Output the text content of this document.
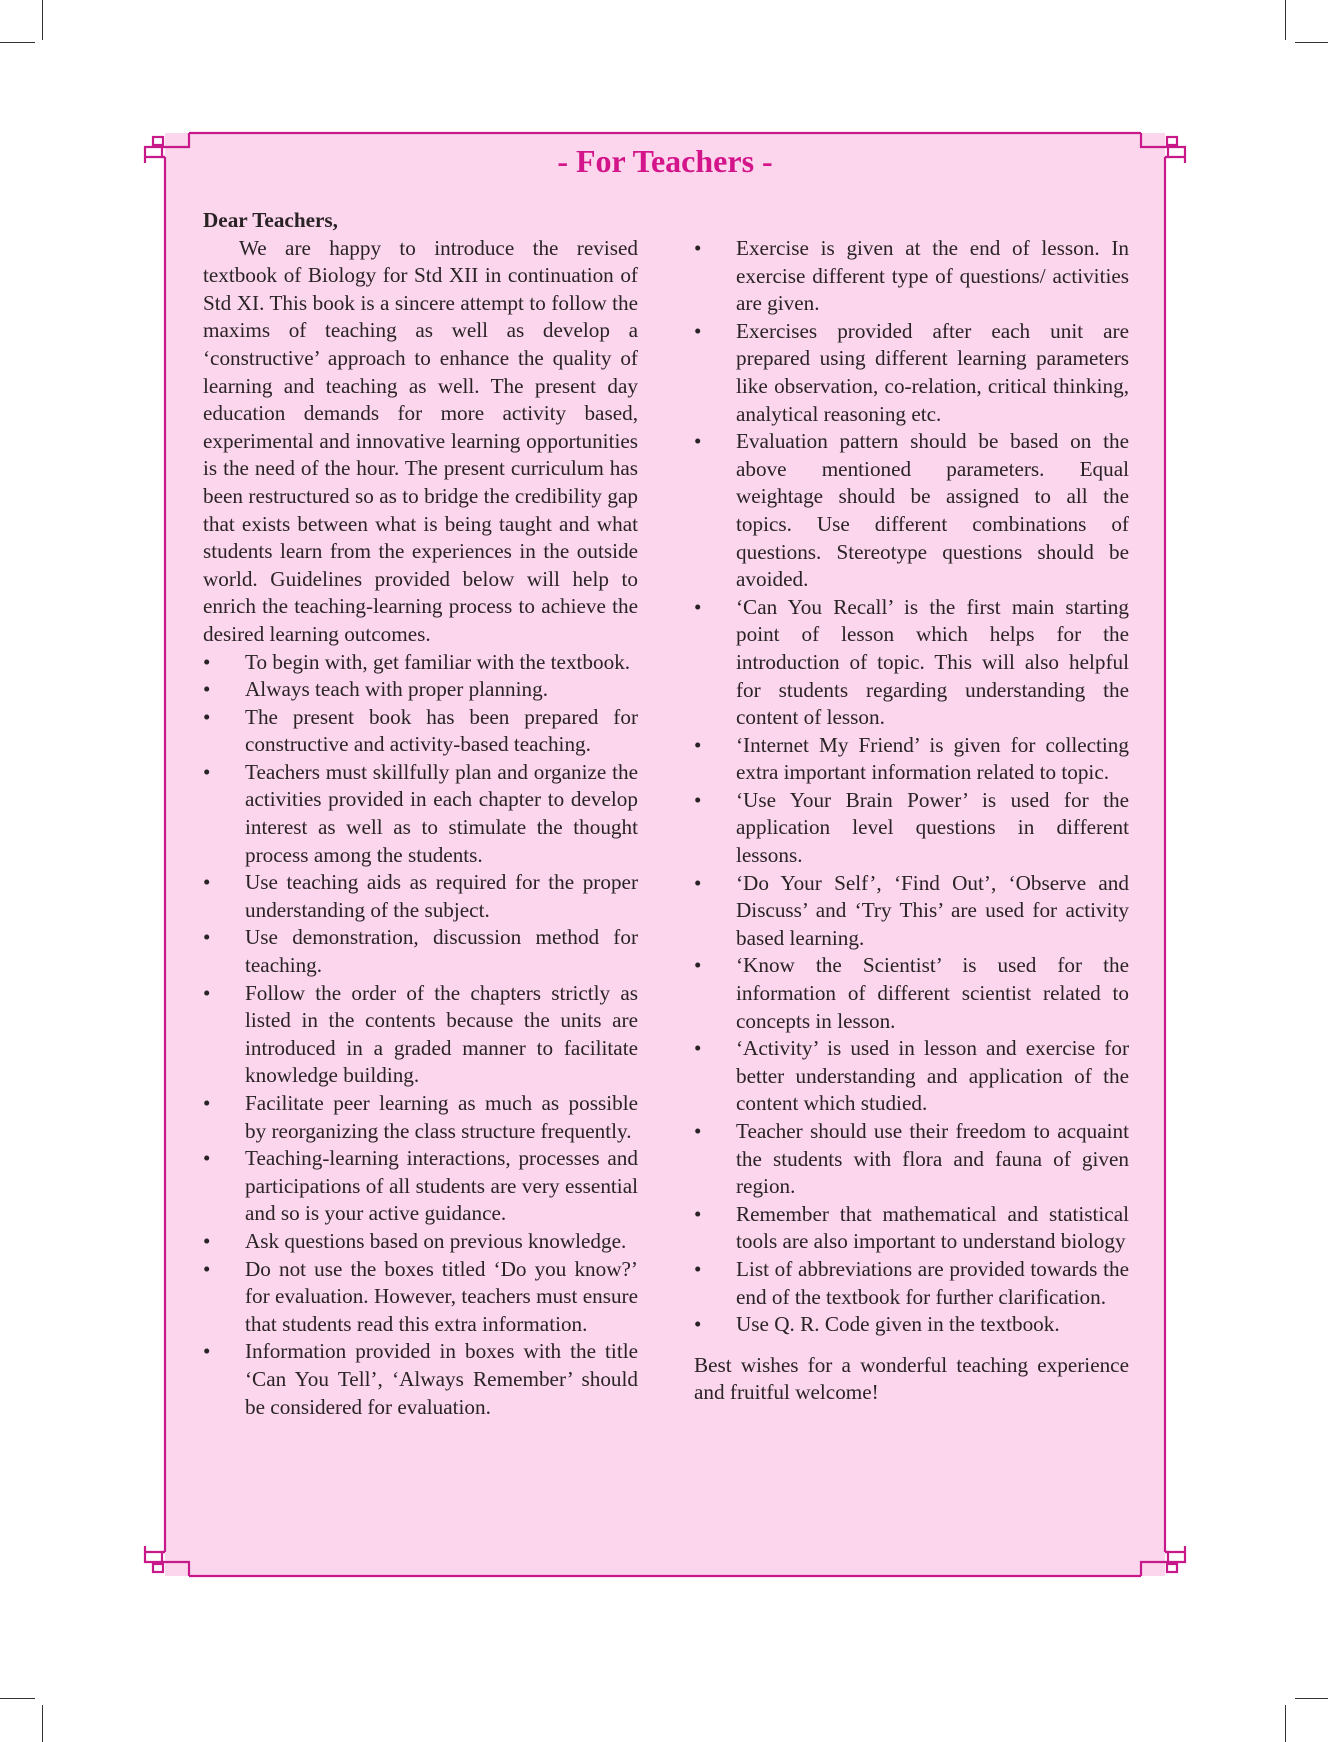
- For Teachers -

Dear Teachers,

We are happy to introduce the revised textbook of Biology for Std XII in continuation of Std XI. This book is a sincere attempt to follow the maxims of teaching as well as develop a ‘constructive’ approach to enhance the quality of learning and teaching as well. The present day education demands for more activity based, experimental and innovative learning opportunities is the need of the hour. The present curriculum has been restructured so as to bridge the credibility gap that exists between what is being taught and what students learn from the experiences in the outside world. Guidelines provided below will help to enrich the teaching-learning process to achieve the desired learning outcomes.

• To begin with, get familiar with the textbook.
• Always teach with proper planning.
• The present book has been prepared for constructive and activity-based teaching.
• Teachers must skillfully plan and organize the activities provided in each chapter to develop interest as well as to stimulate the thought process among the students.
• Use teaching aids as required for the proper understanding of the subject.
• Use demonstration, discussion method for teaching.
• Follow the order of the chapters strictly as listed in the contents because the units are introduced in a graded manner to facilitate knowledge building.
• Facilitate peer learning as much as possible by reorganizing the class structure frequently.
• Teaching-learning interactions, processes and participations of all students are very essential and so is your active guidance.
• Ask questions based on previous knowledge.
• Do not use the boxes titled ‘Do you know?’ for evaluation. However, teachers must ensure that students read this extra information.
• Information provided in boxes with the title ‘Can You Tell’, ‘Always Remember’ should be considered for evaluation.
• Exercise is given at the end of lesson. In exercise different type of questions/ activities are given.
• Exercises provided after each unit are prepared using different learning parameters like observation, co-relation, critical thinking, analytical reasoning etc.
• Evaluation pattern should be based on the above mentioned parameters. Equal weightage should be assigned to all the topics. Use different combinations of questions. Stereotype questions should be avoided.
• ‘Can You Recall’ is the first main starting point of lesson which helps for the introduction of topic. This will also helpful for students regarding understanding the content of lesson.
• ‘Internet My Friend’ is given for collecting extra important information related to topic.
• ‘Use Your Brain Power’ is used for the application level questions in different lessons.
• ‘Do Your Self’, ‘Find Out’, ‘Observe and Discuss’ and ‘Try This’ are used for activity based learning.
• ‘Know the Scientist’ is used for the information of different scientist related to concepts in lesson.
• ‘Activity’ is used in lesson and exercise for better understanding and application of the content which studied.
• Teacher should use their freedom to acquaint the students with flora and fauna of given region.
• Remember that mathematical and statistical tools are also important to understand biology
• List of abbreviations are provided towards the end of the textbook for further clarification.
• Use Q. R. Code given in the textbook.

Best wishes for a wonderful teaching experience and fruitful welcome!
